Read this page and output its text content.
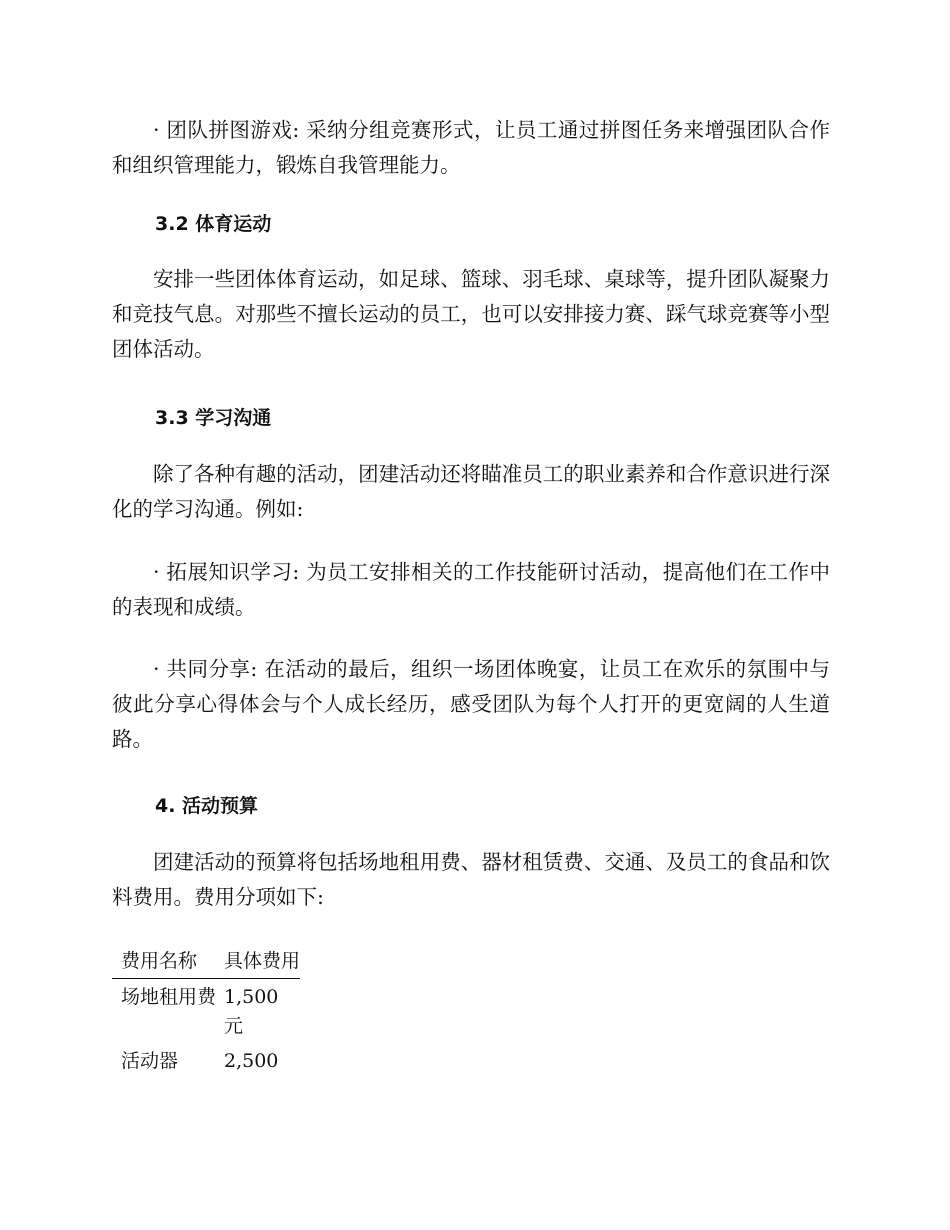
· 团队拼图游戏: 采纳分组竞赛形式，让员工通过拼图任务来增强团队合作和组织管理能力，锻炼自我管理能力。

3.2 体育运动

安排一些团体体育运动，如足球、篮球、羽毛球、桌球等，提升团队凝聚力和竞技气息。对那些不擅长运动的员工，也可以安排接力赛、踩气球竞赛等小型团体活动。

3.3 学习沟通

除了各种有趣的活动，团建活动还将瞄准员工的职业素养和合作意识进行深化的学习沟通。例如:

· 拓展知识学习: 为员工安排相关的工作技能研讨活动，提高他们在工作中的表现和成绩。

· 共同分享: 在活动的最后，组织一场团体晚宴，让员工在欢乐的氛围中与彼此分享心得体会与个人成长经历，感受团队为每个人打开的更宽阔的人生道路。

4. 活动预算

团建活动的预算将包括场地租用费、器材租赁费、交通、及员工的食品和饮料费用。费用分项如下:

费用名称	具体费用
场地租用费 1,500 元
活动器	2,500
